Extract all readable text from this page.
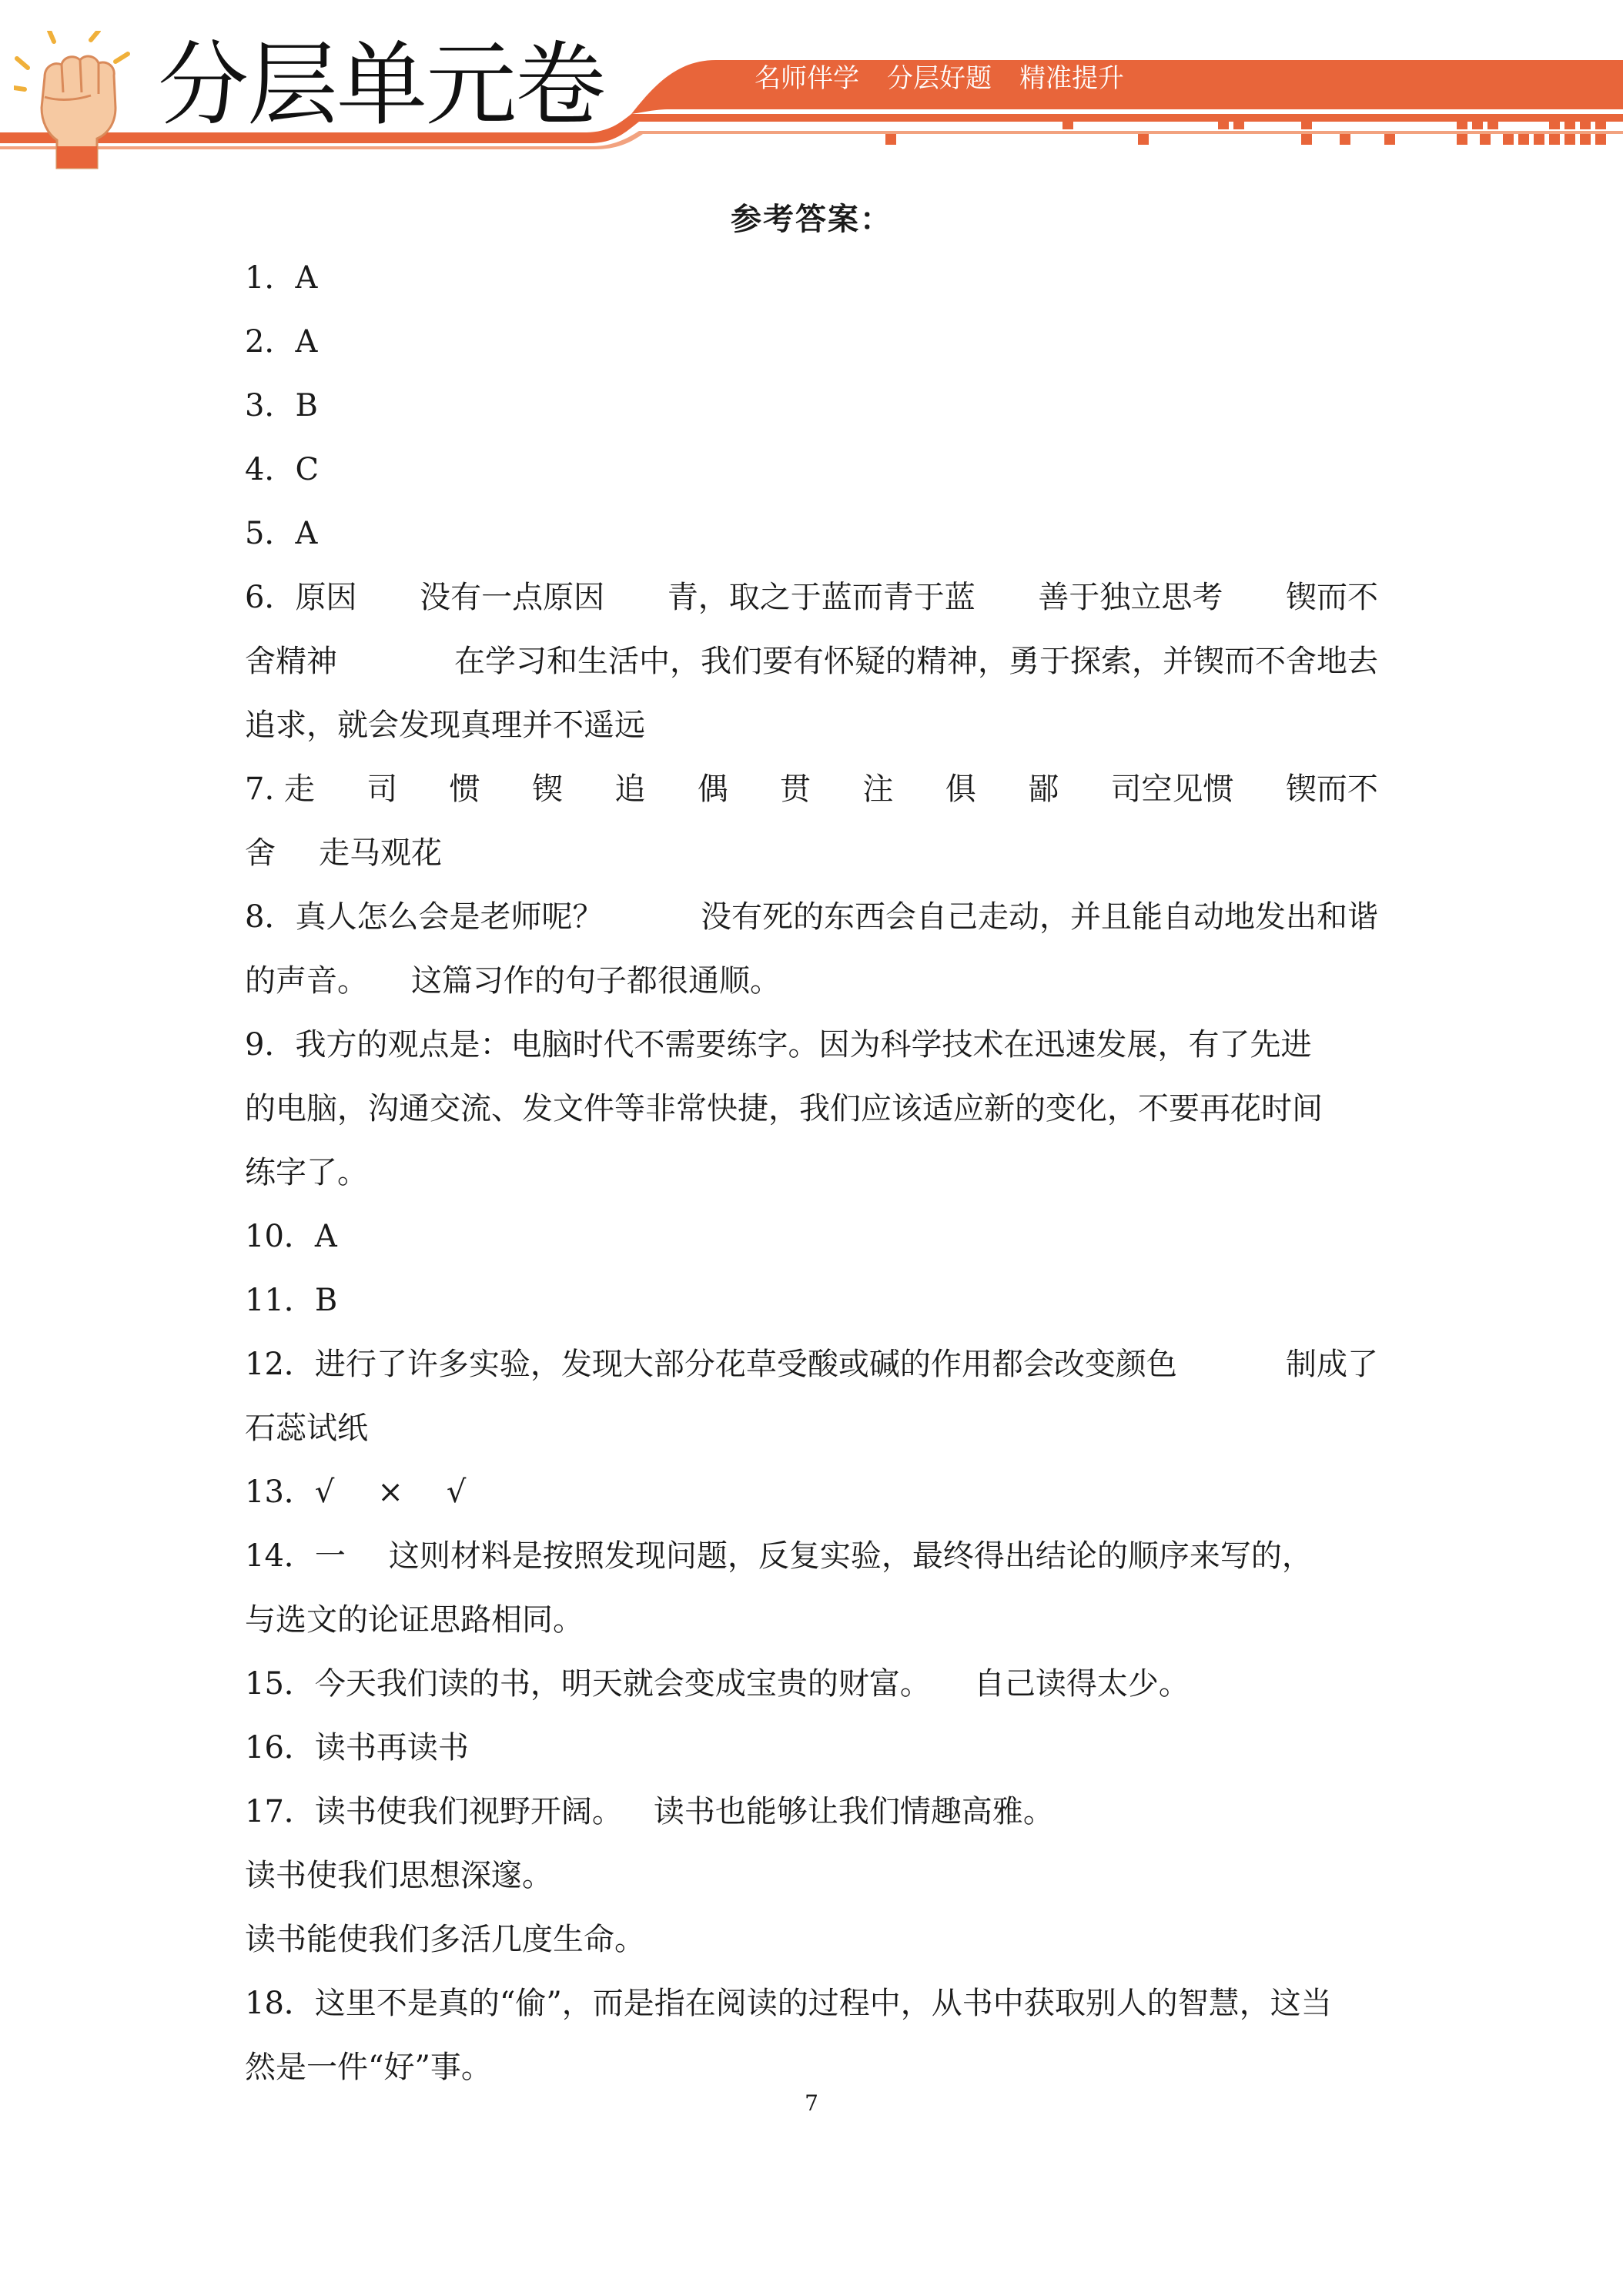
分层单元卷	名师伴学 分层好题 精准提升
参考答案：
1．A
2．A
3．B
4．C
5．A
6．原因 没有一点原因 青，取之于蓝而青于蓝 善于独立思考 锲而不
舍精神	在学习和生活中，我们要有怀疑的精神，勇于探索，并锲而不舍地去
追求，就会发现真理并不遥远
7. 走 司 惯 锲 追 偶 贯 注 俱 鄙 司空见惯 锲而不
舍 走马观花
8．真人怎么会是老师呢？	没有死的东西会自己走动，并且能自动地发出和谐
的声音。 这篇习作的句子都很通顺。
9．我方的观点是：电脑时代不需要练字。因为科学技术在迅速发展，有了先进
的电脑，沟通交流、发文件等非常快捷，我们应该适应新的变化，不要再花时间
练字了。
10．A
11．B
12．进行了许多实验，发现大部分花草受酸或碱的作用都会改变颜色	制成了
石蕊试纸
13．√ × √
14．一 这则材料是按照发现问题，反复实验，最终得出结论的顺序来写的，
与选文的论证思路相同。
15．今天我们读的书，明天就会变成宝贵的财富。 自己读得太少。
16．读书再读书
17．读书使我们视野开阔。 读书也能够让我们情趣高雅。
读书使我们思想深邃。
读书能使我们多活几度生命。
18．这里不是真的“偷”，而是指在阅读的过程中，从书中获取别人的智慧，这当
然是一件“好”事。
7
